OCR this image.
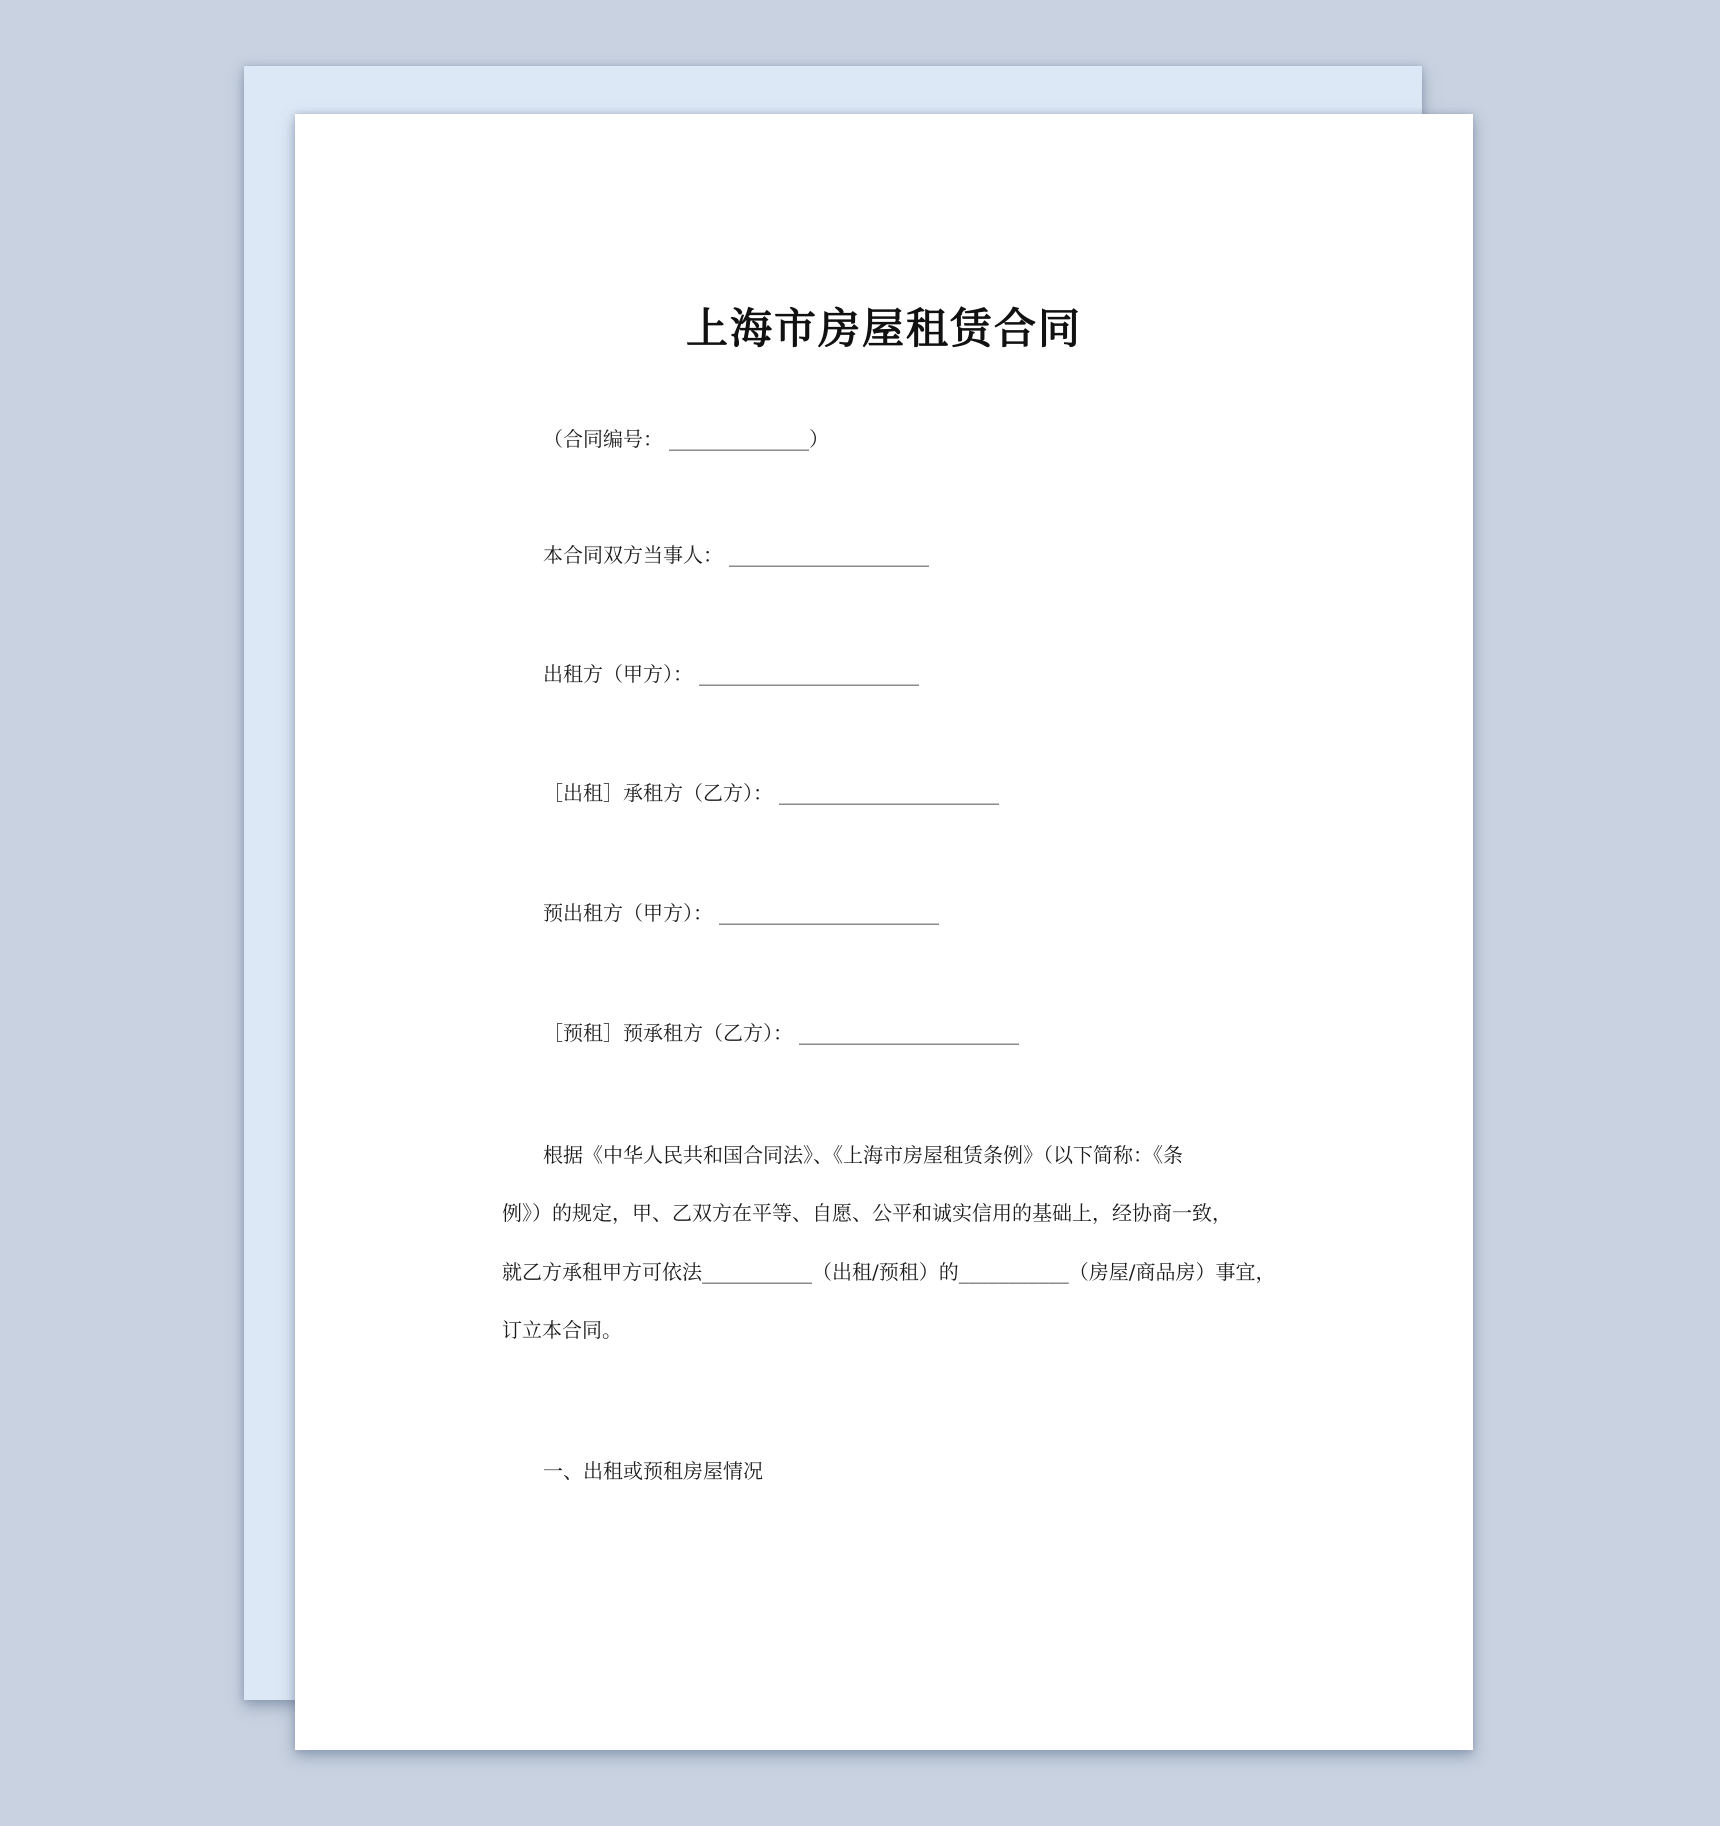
上海市房屋租赁合同
（合同编号： ______________）
本合同双方当事人： ____________________
出租方（甲方）： ______________________
［出租］承租方（乙方）： ______________________
预出租方（甲方）： ______________________
［预租］预承租方（乙方）： ______________________
根据《中华人民共和国合同法》、《上海市房屋租赁条例》（以下简称：《条
例》）的规定，甲、乙双方在平等、自愿、公平和诚实信用的基础上，经协商一致，
就乙方承租甲方可依法___________（出租/预租）的___________（房屋/商品房）事宜，
订立本合同。
一、出租或预租房屋情况
